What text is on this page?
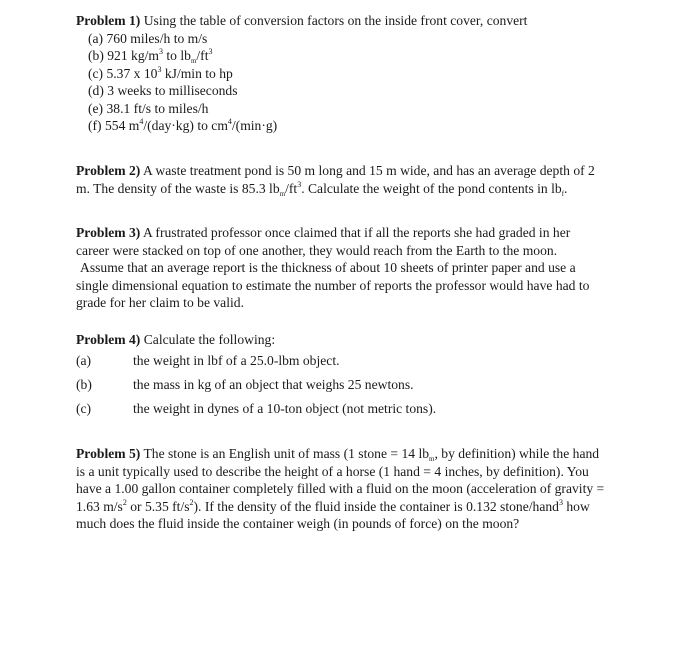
Problem 1) Using the table of conversion factors on the inside front cover, convert
(a) 760 miles/h to m/s
(b) 921 $kg/m^3$ to $lb_m/ft^3$
(c) 5.37 x $10^3$ kJ/min to hp
(d) 3 weeks to milliseconds
(e) 38.1 ft/s to miles/h
(f) 554 $m^4/(day\cdot kg)$ to $cm^4/(\min\cdot g)$
Problem 2) A waste treatment pond is 50 m long and 15 m wide, and has an average depth of 2
m. The density of the waste is 85.3 $lb_m/ft^3$. Calculate the weight of the pond contents in $lb_f$.
Problem 3) A frustrated professor once claimed that if all the reports she had graded in her
career were stacked on top of one another, they would reach from the Earth to the moon.
Assume that an average report is the thickness of about 10 sheets of printer paper and use a
single dimensional equation to estimate the number of reports the professor would have had to
grade for her claim to be valid.
Problem 4) Calculate the following:
(a)	the weight in lbf of a 25.0-lbm object.
(b)	the mass in kg of an object that weighs 25 newtons.
(c)	the weight in dynes of a 10-ton object (not metric tons).
Problem 5) The stone is an English unit of mass (1 stone = 14 $lb_m$, by definition) while the hand
is a unit typically used to describe the height of a horse (1 hand = 4 inches, by definition). You
have a 1.00 gallon container completely filled with a fluid on the moon (acceleration of gravity =
1.63 $m/s^2$ or 5.35 $ft/s^2$). If the density of the fluid inside the container is 0.132 stone/hand$^3$ how
much does the fluid inside the container weigh (in pounds of force) on the moon?
